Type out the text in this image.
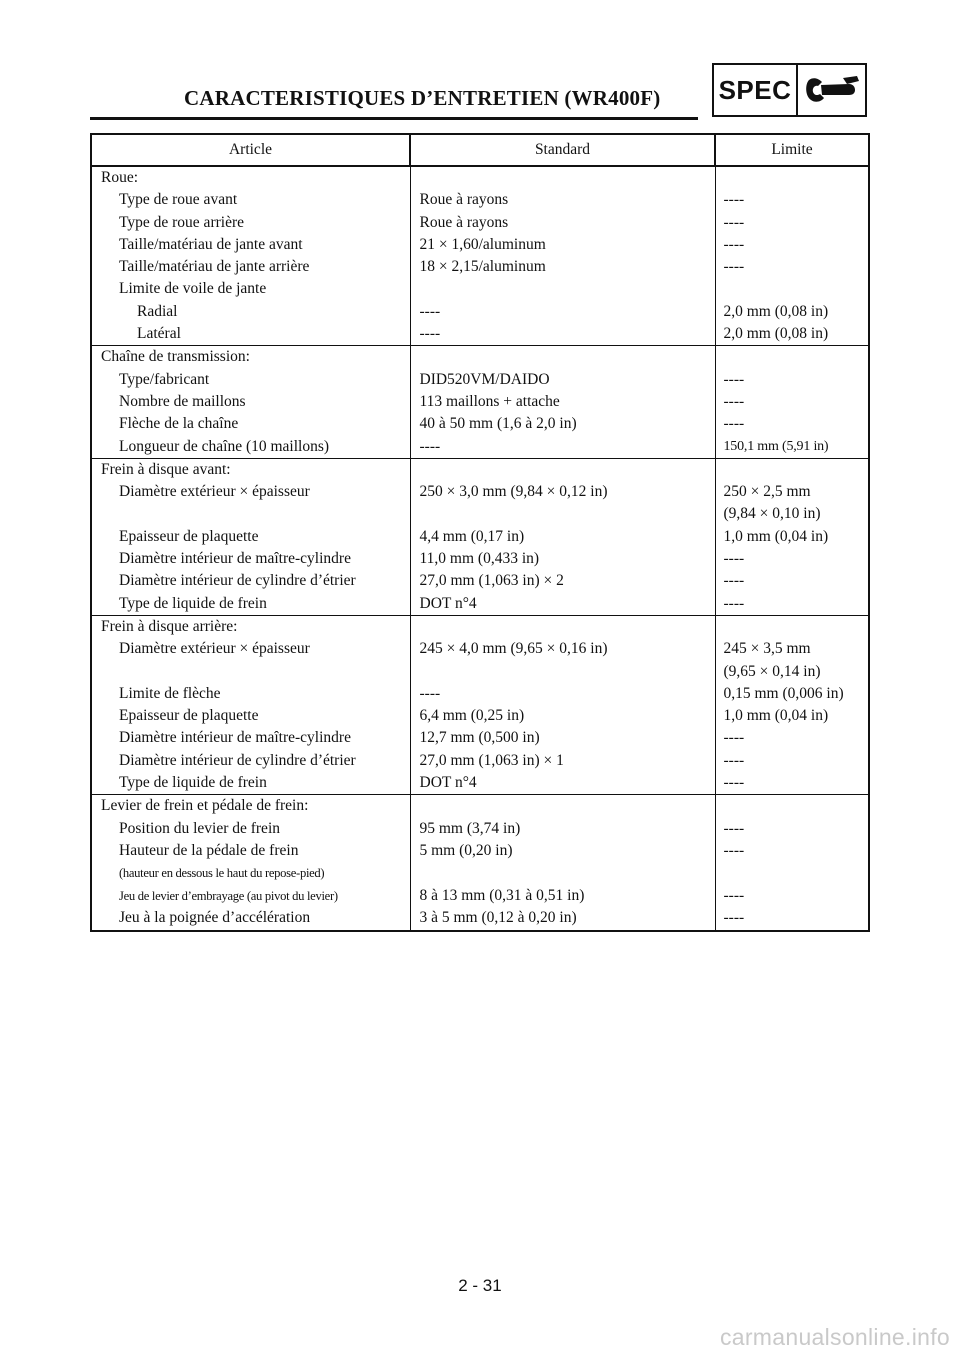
CARACTERISTIQUES D’ENTRETIEN (WR400F) SPEC
Article	Standard	Limite
Roue:		

Type de roue avant	Roue à rayons	----

Type de roue arrière	Roue à rayons	----

Taille/matériau de jante avant	21 × 1,60/aluminum	----

Taille/matériau de jante arrière	18 × 2,15/aluminum	----

Limite de voile de jante		

Radial	----	2,0 mm (0,08 in)

Latéral	----	2,0 mm (0,08 in)
Chaîne de transmission:		

Type/fabricant	DID520VM/DAIDO	----

Nombre de maillons	113 maillons + attache	----

Flèche de la chaîne	40 à 50 mm (1,6 à 2,0 in)	----

Longueur de chaîne (10 maillons)	----	150,1 mm (5,91 in)
Frein à disque avant:		

Diamètre extérieur × épaisseur	250 × 3,0 mm (9,84 × 0,12 in)	250 × 2,5 mm

		(9,84 × 0,10 in)

Epaisseur de plaquette	4,4 mm (0,17 in)	1,0 mm (0,04 in)

Diamètre intérieur de maître-cylindre	11,0 mm (0,433 in)	----

Diamètre intérieur de cylindre d’étrier	27,0 mm (1,063 in) × 2	----

Type de liquide de frein	DOT n°4	----
Frein à disque arrière:		

Diamètre extérieur × épaisseur	245 × 4,0 mm (9,65 × 0,16 in)	245 × 3,5 mm

		(9,65 × 0,14 in)

Limite de flèche	----	0,15 mm (0,006 in)

Epaisseur de plaquette	6,4 mm (0,25 in)	1,0 mm (0,04 in)

Diamètre intérieur de maître-cylindre	12,7 mm (0,500 in)	----

Diamètre intérieur de cylindre d’étrier	27,0 mm (1,063 in) × 1	----

Type de liquide de frein	DOT n°4	----
Levier de frein et pédale de frein:		

Position du levier de frein	95 mm (3,74 in)	----

Hauteur de la pédale de frein	5 mm (0,20 in)	----

(hauteur en dessous le haut du repose-pied)		

Jeu de levier d’embrayage (au pivot du levier)	8 à 13 mm (0,31 à 0,51 in)	----

Jeu à la poignée d’accélération	3 à 5 mm (0,12 à 0,20 in)	----
2 - 31
carmanualsonline.info
